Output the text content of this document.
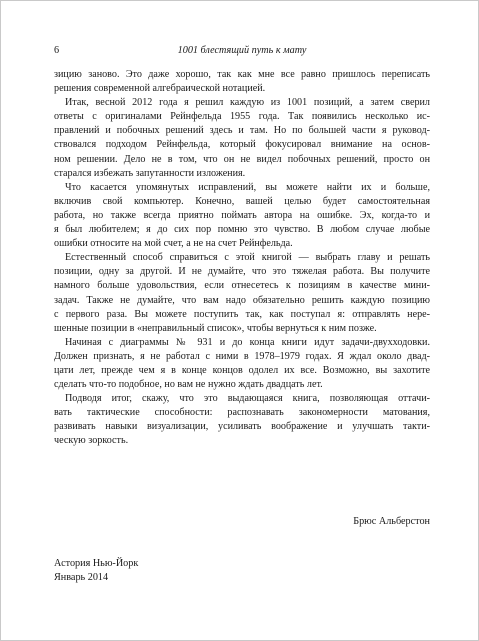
6	1001 блестящий путь к мату

зицию заново. Это даже хорошо, так как мне все равно пришлось переписать
решения современной алгебраической нотацией.

Итак, весной 2012 года я решил каждую из 1001 позиций, а затем сверил
ответы с оригиналами Рейнфельда 1955 года. Так появились несколько ис-
правлений и побочных решений здесь и там. Но по большей части я руковод-
ствовался подходом Рейнфельда, который фокусировал внимание на основ-
ном решении. Дело не в том, что он не видел побочных решений, просто он
старался избежать запутанности изложения.

Что касается упомянутых исправлений, вы можете найти их и больше,
включив свой компьютер. Конечно, вашей целью будет самостоятельная
работа, но также всегда приятно поймать автора на ошибке. Эх, когда-то и
я был любителем; я до сих пор помню это чувство. В любом случае любые
ошибки относите на мой счет, а не на счет Рейнфельда.

Естественный способ справиться с этой книгой — выбрать главу и решать
позиции, одну за другой. И не думайте, что это тяжелая работа. Вы получите
намного больше удовольствия, если отнесетесь к позициям в качестве мини-
задач. Также не думайте, что вам надо обязательно решить каждую позицию
с первого раза. Вы можете поступить так, как поступал я: отправлять нере-
шенные позиции в «неправильный список», чтобы вернуться к ним позже.

Начиная с диаграммы № 931 и до конца книги идут задачи-двухходовки.
Должен признать, я не работал с ними в 1978–1979 годах. Я ждал около двад-
цати лет, прежде чем я в конце концов одолел их все. Возможно, вы захотите
сделать что-то подобное, но вам не нужно ждать двадцать лет.

Подводя итог, скажу, что это выдающаяся книга, позволяющая оттачи-
вать тактические способности: распознавать закономерности матования,
развивать навыки визуализации, усиливать воображение и улучшать такти-
ческую зоркость.

Брюс Альберстон
Астория Нью-Йорк
Январь 2014
